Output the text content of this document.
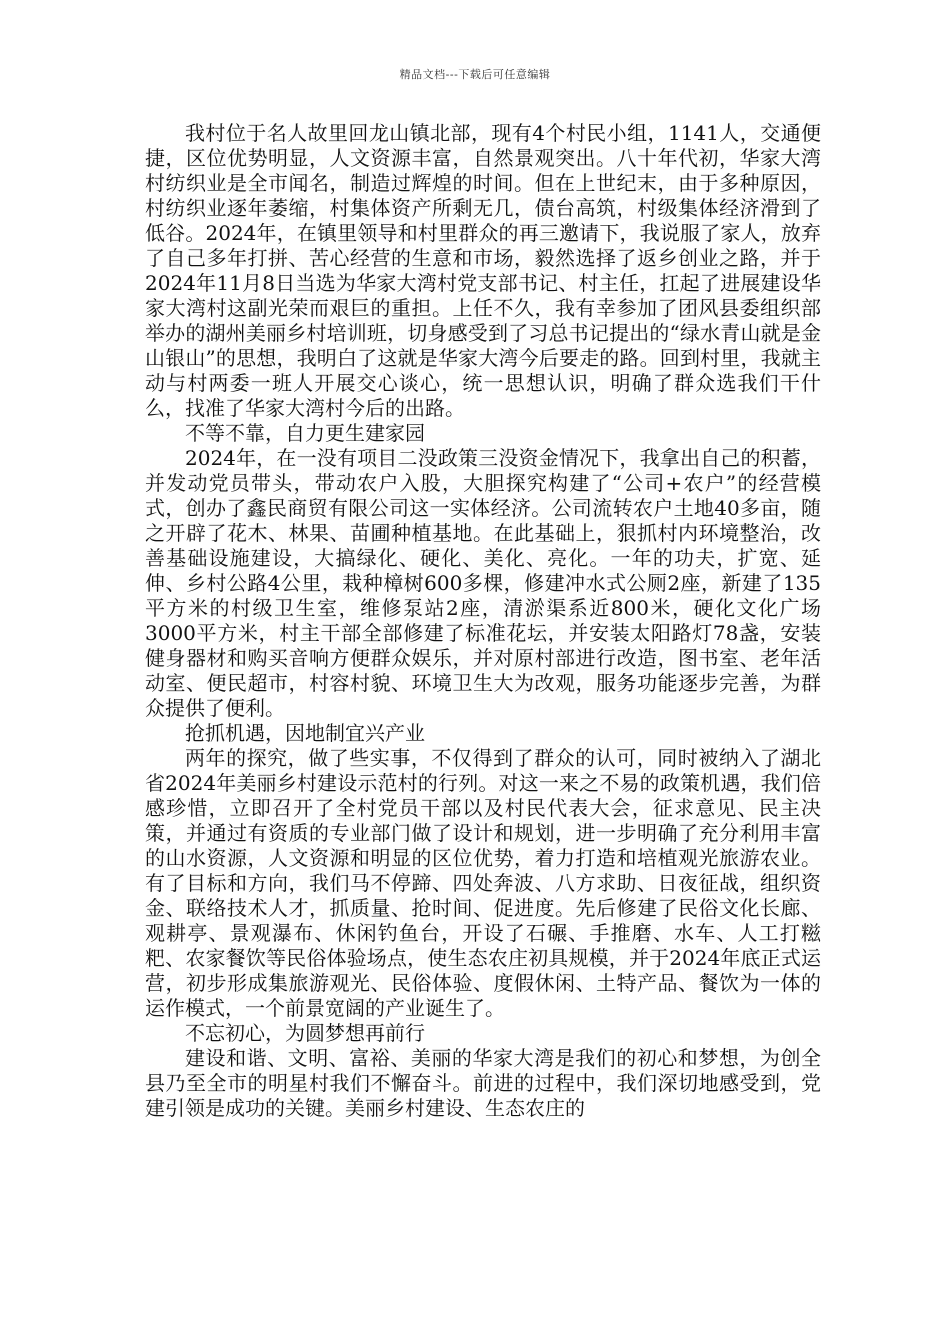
精品文档---下载后可任意编辑

我村位于名人故里回龙山镇北部，现有4个村民小组，1141人，交通便捷，区位优势明显，人文资源丰富，自然景观突出。八十年代初，华家大湾村纺织业是全市闻名，制造过辉煌的时间。但在上世纪末，由于多种原因，村纺织业逐年萎缩，村集体资产所剩无几，债台高筑，村级集体经济滑到了低谷。2024年，在镇里领导和村里群众的再三邀请下，我说服了家人，放弃了自己多年打拼、苦心经营的生意和市场，毅然选择了返乡创业之路，并于2024年11月8日当选为华家大湾村党支部书记、村主任，扛起了进展建设华家大湾村这副光荣而艰巨的重担。上任不久，我有幸参加了团风县委组织部举办的湖州美丽乡村培训班，切身感受到了习总书记提出的“绿水青山就是金山银山”的思想，我明白了这就是华家大湾今后要走的路。回到村里，我就主动与村两委一班人开展交心谈心，统一思想认识，明确了群众选我们干什么，找准了华家大湾村今后的出路。

不等不靠，自力更生建家园

2024年，在一没有项目二没政策三没资金情况下，我拿出自己的积蓄，并发动党员带头，带动农户入股，大胆探究构建了“公司+农户”的经营模式，创办了鑫民商贸有限公司这一实体经济。公司流转农户土地40多亩，随之开辟了花木、林果、苗圃种植基地。在此基础上，狠抓村内环境整治，改善基础设施建设，大搞绿化、硬化、美化、亮化。一年的功夫，扩宽、延伸、乡村公路4公里，栽种樟树600多棵，修建冲水式公厕2座，新建了135平方米的村级卫生室，维修泵站2座，清淤渠系近800米，硬化文化广场3000平方米，村主干部全部修建了标准花坛，并安装太阳路灯78盏，安装健身器材和购买音响方便群众娱乐，并对原村部进行改造，图书室、老年活动室、便民超市，村容村貌、环境卫生大为改观，服务功能逐步完善，为群众提供了便利。

抢抓机遇，因地制宜兴产业

两年的探究，做了些实事，不仅得到了群众的认可，同时被纳入了湖北省2024年美丽乡村建设示范村的行列。对这一来之不易的政策机遇，我们倍感珍惜，立即召开了全村党员干部以及村民代表大会，征求意见、民主决策，并通过有资质的专业部门做了设计和规划，进一步明确了充分利用丰富的山水资源，人文资源和明显的区位优势，着力打造和培植观光旅游农业。有了目标和方向，我们马不停蹄、四处奔波、八方求助、日夜征战，组织资金、联络技术人才，抓质量、抢时间、促进度。先后修建了民俗文化长廊、观耕亭、景观瀑布、休闲钓鱼台，开设了石碾、手推磨、水车、人工打糍粑、农家餐饮等民俗体验场点，使生态农庄初具规模，并于2024年底正式运营，初步形成集旅游观光、民俗体验、度假休闲、土特产品、餐饮为一体的运作模式，一个前景宽阔的产业诞生了。

不忘初心，为圆梦想再前行

建设和谐、文明、富裕、美丽的华家大湾是我们的初心和梦想，为创全县乃至全市的明星村我们不懈奋斗。前进的过程中，我们深切地感受到，党建引领是成功的关键。美丽乡村建设、生态农庄的
